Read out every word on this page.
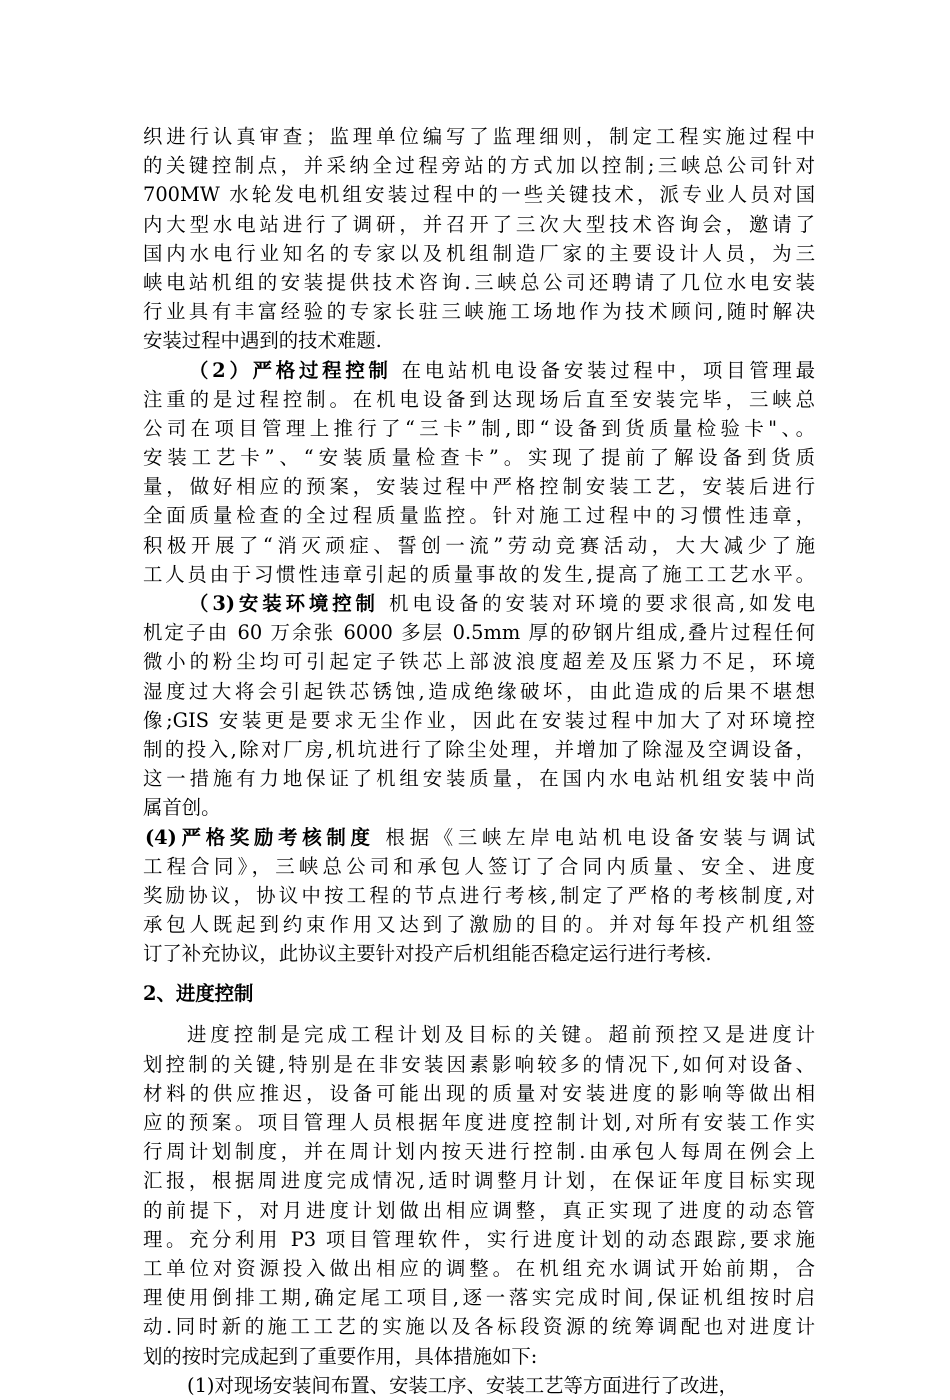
织进行认真审查；监理单位编写了监理细则，制定工程实施过程中
的关键控制点，并采纳全过程旁站的方式加以控制;三峡总公司针对
700MW 水轮发电机组安装过程中的一些关键技术，派专业人员对国
内大型水电站进行了调研，并召开了三次大型技术咨询会，邀请了
国内水电行业知名的专家以及机组制造厂家的主要设计人员，为三
峡电站机组的安装提供技术咨询.三峡总公司还聘请了几位水电安装
行业具有丰富经验的专家长驻三峡施工场地作为技术顾问,随时解决
安装过程中遇到的技术难题.
（2）严格过程控制 在电站机电设备安装过程中，项目管理最
注重的是过程控制。在机电设备到达现场后直至安装完毕，三峡总
公司在项目管理上推行了“三卡”制,即“设备到货质量检验卡"、。
安装工艺卡”、“安装质量检查卡”。实现了提前了解设备到货质
量，做好相应的预案，安装过程中严格控制安装工艺，安装后进行
全面质量检查的全过程质量监控。针对施工过程中的习惯性违章，
积极开展了“消灭顽症、誓创一流”劳动竞赛活动，大大减少了施
工人员由于习惯性违章引起的质量事故的发生,提高了施工工艺水平。
（3)安装环境控制 机电设备的安装对环境的要求很高,如发电
机定子由 60 万余张 6000 多层 0.5mm 厚的矽钢片组成,叠片过程任何
微小的粉尘均可引起定子铁芯上部波浪度超差及压紧力不足，环境
湿度过大将会引起铁芯锈蚀,造成绝缘破坏，由此造成的后果不堪想
像;GIS 安装更是要求无尘作业，因此在安装过程中加大了对环境控
制的投入,除对厂房,机坑进行了除尘处理，并增加了除湿及空调设备，
这一措施有力地保证了机组安装质量，在国内水电站机组安装中尚
属首创。
(4)严格奖励考核制度 根据《三峡左岸电站机电设备安装与调试
工程合同》，三峡总公司和承包人签订了合同内质量、安全、进度
奖励协议，协议中按工程的节点进行考核,制定了严格的考核制度,对
承包人既起到约束作用又达到了激励的目的。并对每年投产机组签
订了补充协议，此协议主要针对投产后机组能否稳定运行进行考核.
2、进度控制
进度控制是完成工程计划及目标的关键。超前预控又是进度计
划控制的关键,特别是在非安装因素影响较多的情况下,如何对设备、
材料的供应推迟，设备可能出现的质量对安装进度的影响等做出相
应的预案。项目管理人员根据年度进度控制计划,对所有安装工作实
行周计划制度，并在周计划内按天进行控制.由承包人每周在例会上
汇报，根据周进度完成情况,适时调整月计划，在保证年度目标实现
的前提下，对月进度计划做出相应调整，真正实现了进度的动态管
理。充分利用 P3 项目管理软件，实行进度计划的动态跟踪,要求施
工单位对资源投入做出相应的调整。在机组充水调试开始前期，合
理使用倒排工期,确定尾工项目,逐一落实完成时间,保证机组按时启
动.同时新的施工工艺的实施以及各标段资源的统筹调配也对进度计
划的按时完成起到了重要作用，具体措施如下:
(1)对现场安装间布置、安装工序、安装工艺等方面进行了改进，
